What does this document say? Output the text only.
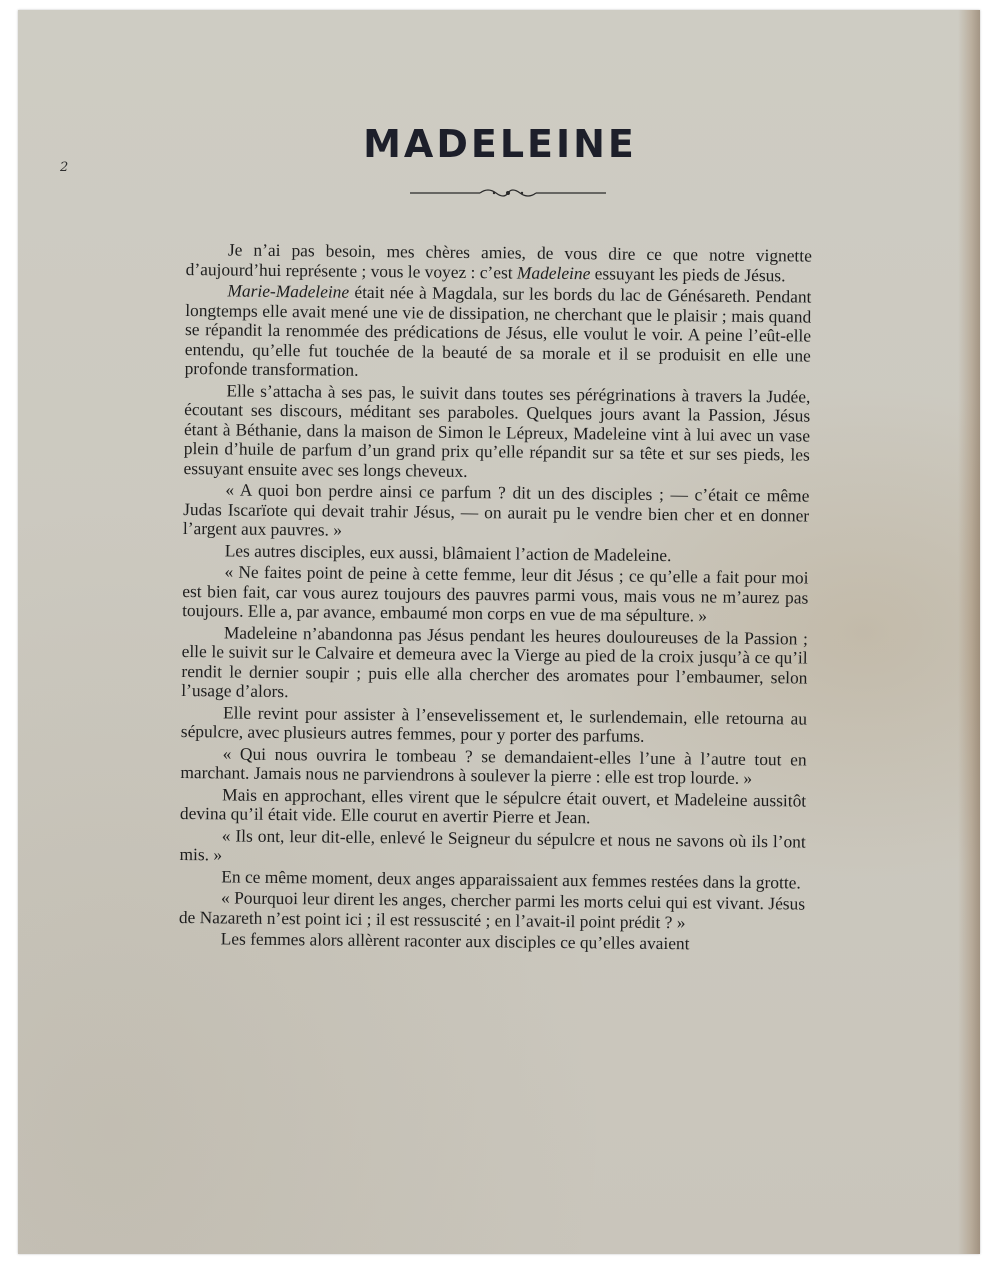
2
MADELEINE

Je n’ai pas besoin, mes chères amies, de vous dire ce que notre vignette d’aujourd’hui représente ; vous le voyez : c’est Madeleine essuyant les pieds de Jésus.

Marie-Madeleine était née à Magdala, sur les bords du lac de Génésareth. Pendant longtemps elle avait mené une vie de dissipation, ne cherchant que le plaisir ; mais quand se répandit la renommée des prédications de Jésus, elle voulut le voir. A peine l’eût-elle entendu, qu’elle fut touchée de la beauté de sa morale et il se produisit en elle une profonde transformation.

Elle s’attacha à ses pas, le suivit dans toutes ses pérégrinations à travers la Judée, écoutant ses discours, méditant ses paraboles. Quelques jours avant la Passion, Jésus étant à Béthanie, dans la maison de Simon le Lépreux, Madeleine vint à lui avec un vase plein d’huile de parfum d’un grand prix qu’elle répandit sur sa tête et sur ses pieds, les essuyant ensuite avec ses longs cheveux.

« A quoi bon perdre ainsi ce parfum ? dit un des disciples ; — c’était ce même Judas Iscarïote qui devait trahir Jésus, — on aurait pu le vendre bien cher et en donner l’argent aux pauvres. »

Les autres disciples, eux aussi, blâmaient l’action de Madeleine.

« Ne faites point de peine à cette femme, leur dit Jésus ; ce qu’elle a fait pour moi est bien fait, car vous aurez toujours des pauvres parmi vous, mais vous ne m’aurez pas toujours. Elle a, par avance, embaumé mon corps en vue de ma sépulture. »

Madeleine n’abandonna pas Jésus pendant les heures douloureuses de la Passion ; elle le suivit sur le Calvaire et demeura avec la Vierge au pied de la croix jusqu’à ce qu’il rendit le dernier soupir ; puis elle alla chercher des aromates pour l’embaumer, selon l’usage d’alors.

Elle revint pour assister à l’ensevelissement et, le surlendemain, elle retourna au sépulcre, avec plusieurs autres femmes, pour y porter des parfums.

« Qui nous ouvrira le tombeau ? se demandaient-elles l’une à l’autre tout en marchant. Jamais nous ne parviendrons à soulever la pierre : elle est trop lourde. »

Mais en approchant, elles virent que le sépulcre était ouvert, et Madeleine aussitôt devina qu’il était vide. Elle courut en avertir Pierre et Jean.

« Ils ont, leur dit-elle, enlevé le Seigneur du sépulcre et nous ne savons où ils l’ont mis. »

En ce même moment, deux anges apparaissaient aux femmes restées dans la grotte.

« Pourquoi leur dirent les anges, chercher parmi les morts celui qui est vivant. Jésus de Nazareth n’est point ici ; il est ressuscité ; en l’avait-il point prédit ? »

Les femmes alors allèrent raconter aux disciples ce qu’elles avaient
